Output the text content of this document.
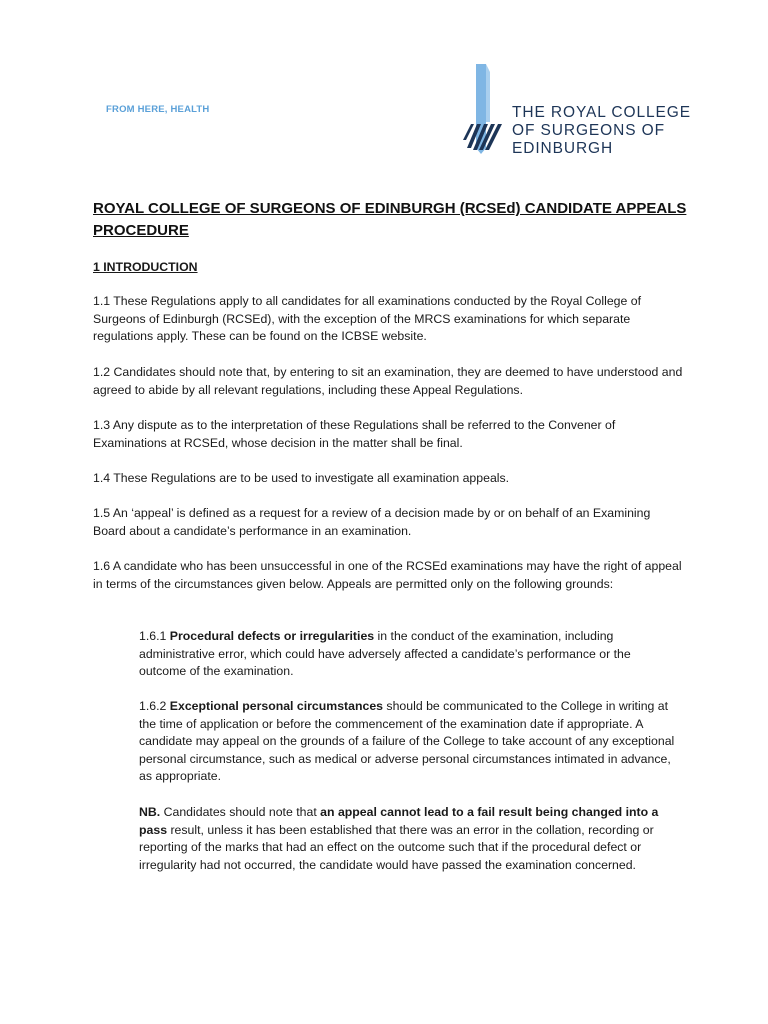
FROM HERE, HEALTH	THE ROYAL COLLEGE
OF SURGEONS OF
EDINBURGH
ROYAL COLLEGE OF SURGEONS OF EDINBURGH (RCSEd) CANDIDATE APPEALS PROCEDURE
1 INTRODUCTION
1.1 These Regulations apply to all candidates for all examinations conducted by the Royal College of Surgeons of Edinburgh (RCSEd), with the exception of the MRCS examinations for which separate regulations apply. These can be found on the ICBSE website.
1.2 Candidates should note that, by entering to sit an examination, they are deemed to have understood and agreed to abide by all relevant regulations, including these Appeal Regulations.
1.3 Any dispute as to the interpretation of these Regulations shall be referred to the Convener of Examinations at RCSEd, whose decision in the matter shall be final.
1.4 These Regulations are to be used to investigate all examination appeals.
1.5 An ‘appeal’ is defined as a request for a review of a decision made by or on behalf of an Examining Board about a candidate’s performance in an examination.
1.6 A candidate who has been unsuccessful in one of the RCSEd examinations may have the right of appeal in terms of the circumstances given below. Appeals are permitted only on the following grounds:
1.6.1 Procedural defects or irregularities in the conduct of the examination, including administrative error, which could have adversely affected a candidate’s performance or the outcome of the examination.
1.6.2 Exceptional personal circumstances should be communicated to the College in writing at the time of application or before the commencement of the examination date if appropriate. A candidate may appeal on the grounds of a failure of the College to take account of any exceptional personal circumstance, such as medical or adverse personal circumstances intimated in advance, as appropriate.
NB. Candidates should note that an appeal cannot lead to a fail result being changed into a pass result, unless it has been established that there was an error in the collation, recording or reporting of the marks that had an effect on the outcome such that if the procedural defect or irregularity had not occurred, the candidate would have passed the examination concerned.
